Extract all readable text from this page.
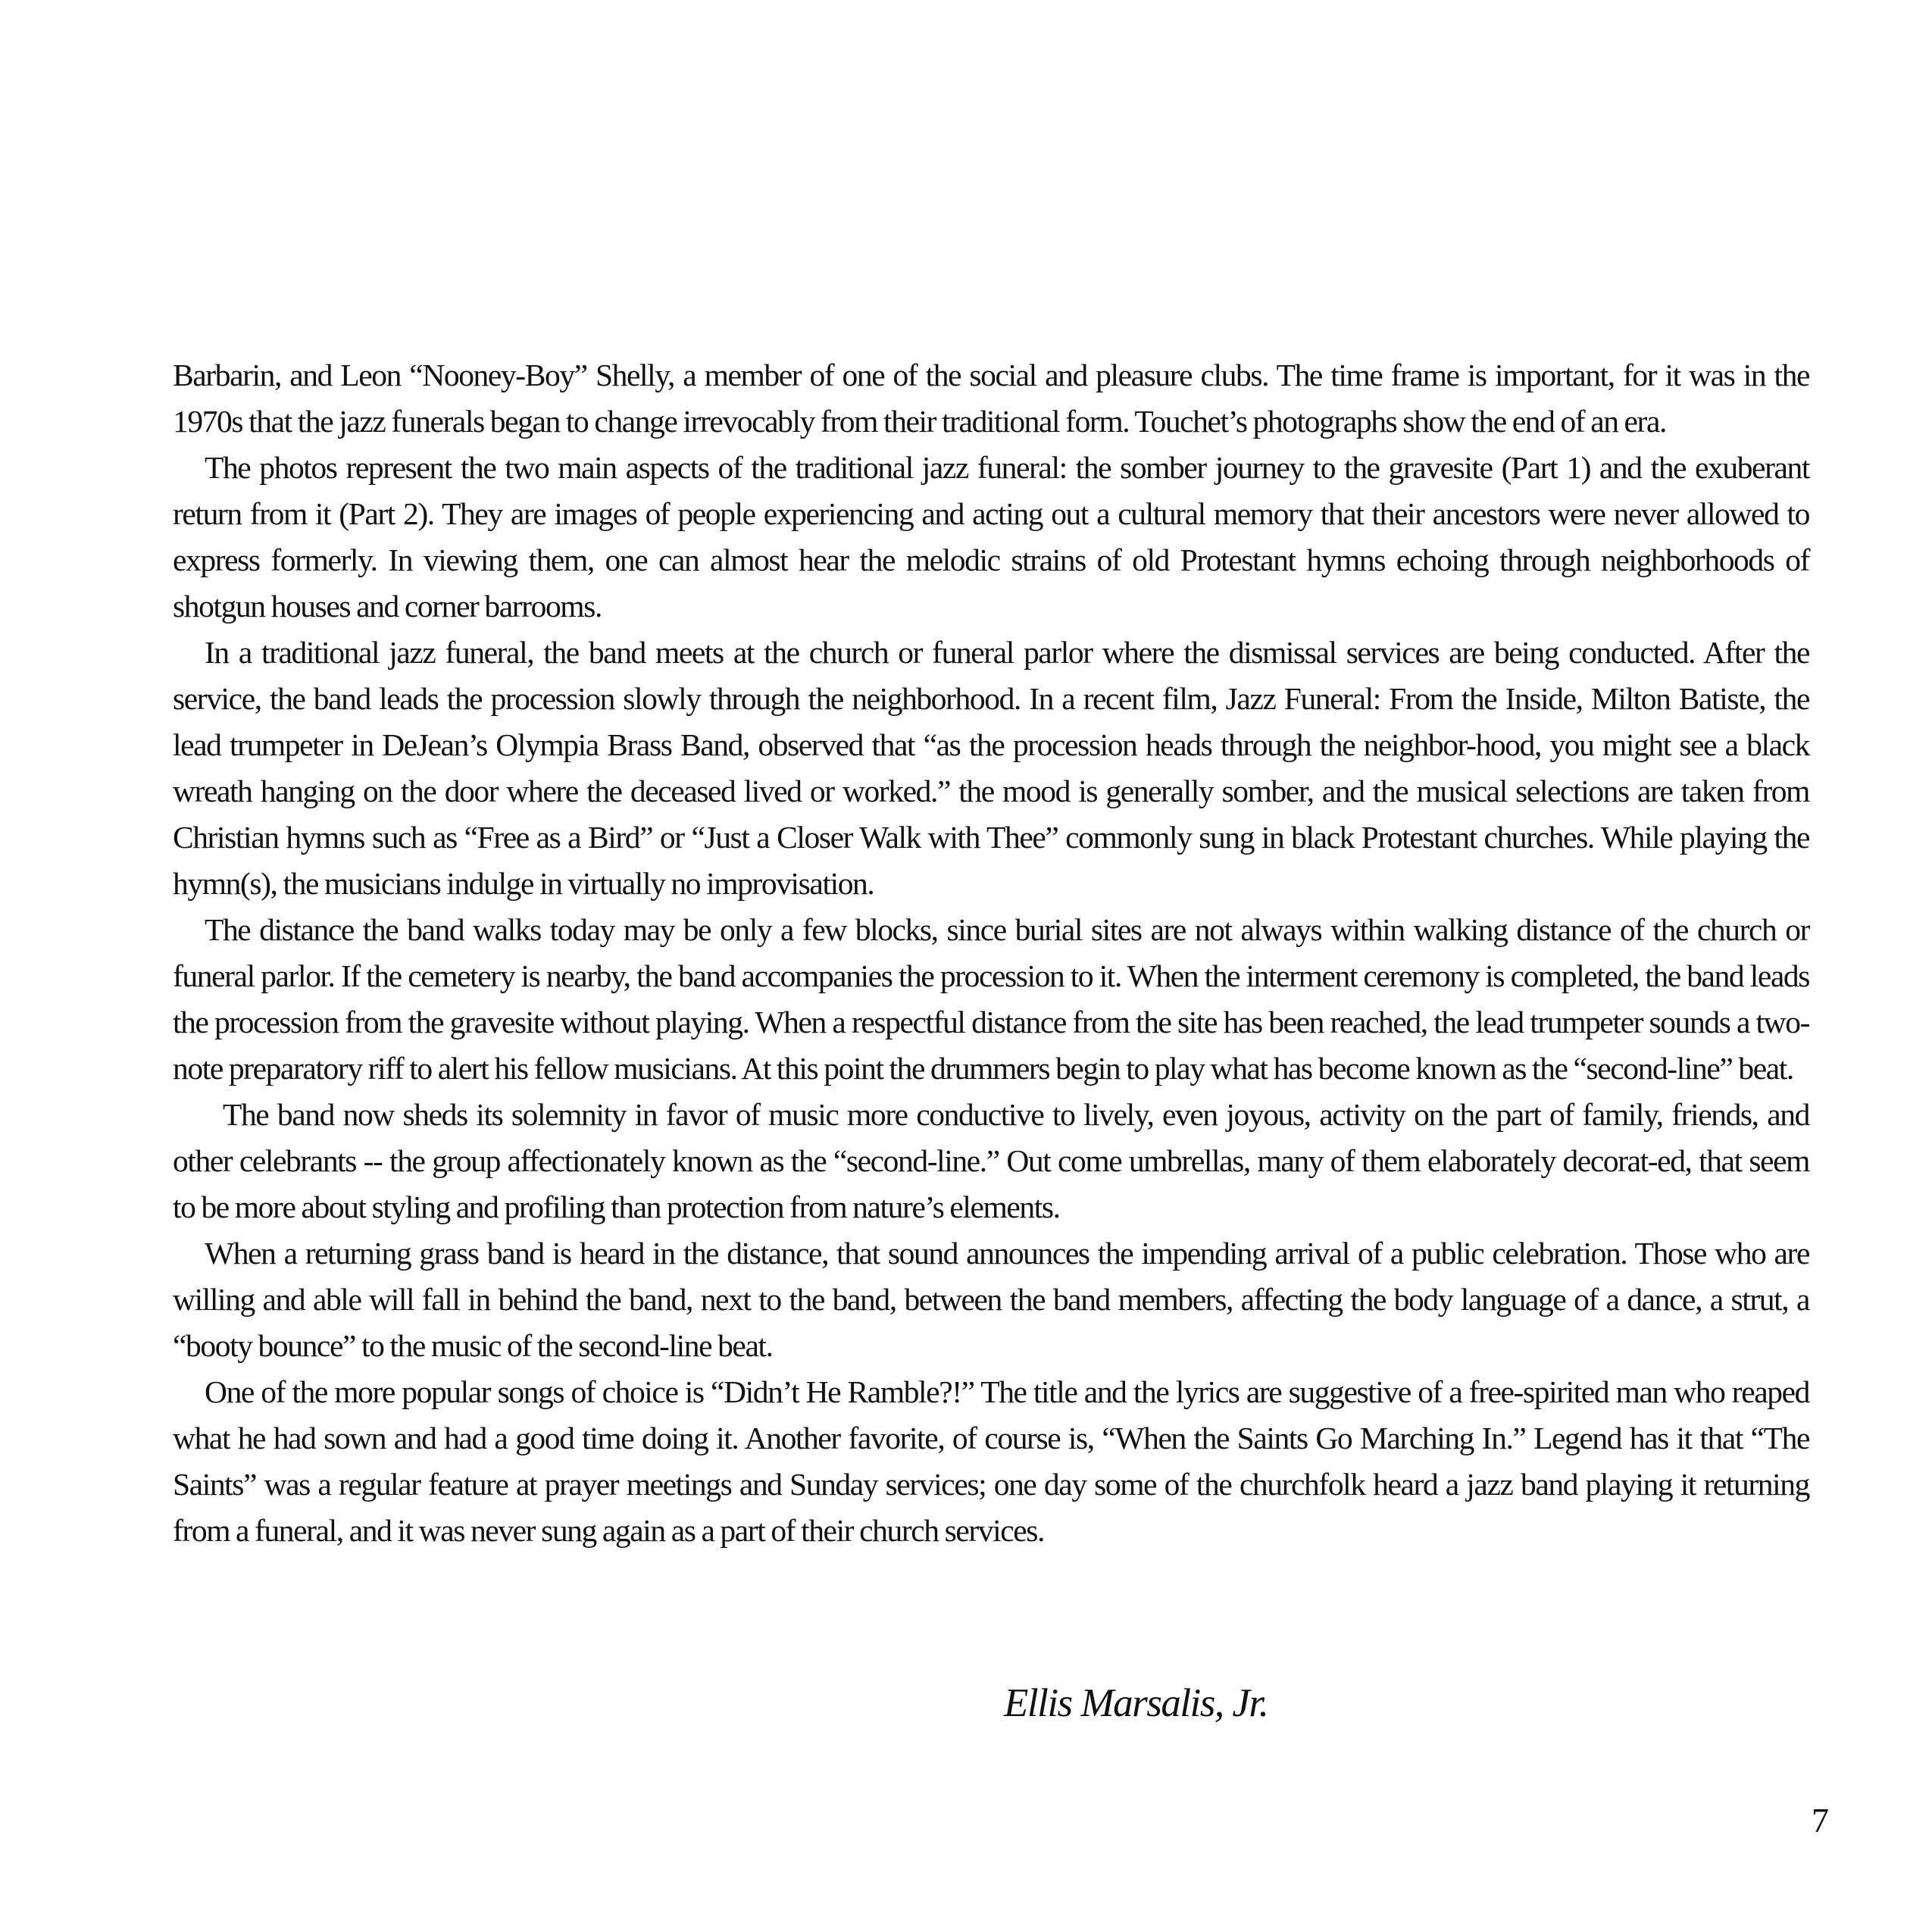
Barbarin, and Leon “Nooney-Boy” Shelly, a member of one of the social and pleasure clubs. The time frame is important, for it was in the 1970s that the jazz funerals began to change irrevocably from their traditional form. Touchet’s photographs show the end of an era.

The photos represent the two main aspects of the traditional jazz funeral: the somber journey to the gravesite (Part 1) and the exuberant return from it (Part 2). They are images of people experiencing and acting out a cultural memory that their ancestors were never allowed to express formerly. In viewing them, one can almost hear the melodic strains of old Protestant hymns echoing through neighborhoods of shotgun houses and corner barrooms.

In a traditional jazz funeral, the band meets at the church or funeral parlor where the dismissal services are being conducted. After the service, the band leads the procession slowly through the neighborhood. In a recent film, Jazz Funeral: From the Inside, Milton Batiste, the lead trumpeter in DeJean’s Olympia Brass Band, observed that “as the procession heads through the neighbor-hood, you might see a black wreath hanging on the door where the deceased lived or worked.” the mood is generally somber, and the musical selections are taken from Christian hymns such as “Free as a Bird” or “Just a Closer Walk with Thee” commonly sung in black Protestant churches. While playing the hymn(s), the musicians indulge in virtually no improvisation.

The distance the band walks today may be only a few blocks, since burial sites are not always within walking distance of the church or funeral parlor. If the cemetery is nearby, the band accompanies the procession to it. When the interment ceremony is completed, the band leads the procession from the gravesite without playing. When a respectful distance from the site has been reached, the lead trumpeter sounds a two-note preparatory riff to alert his fellow musicians. At this point the drummers begin to play what has become known as the “second-line” beat.

The band now sheds its solemnity in favor of music more conductive to lively, even joyous, activity on the part of family, friends, and other celebrants -- the group affectionately known as the “second-line.” Out come umbrellas, many of them elaborately decorat-ed, that seem to be more about styling and profiling than protection from nature’s elements.

When a returning grass band is heard in the distance, that sound announces the impending arrival of a public celebration. Those who are willing and able will fall in behind the band, next to the band, between the band members, affecting the body language of a dance, a strut, a “booty bounce” to the music of the second-line beat.

One of the more popular songs of choice is “Didn’t He Ramble?!” The title and the lyrics are suggestive of a free-spirited man who reaped what he had sown and had a good time doing it. Another favorite, of course is, “When the Saints Go Marching In.” Legend has it that “The Saints” was a regular feature at prayer meetings and Sunday services; one day some of the churchfolk heard a jazz band playing it returning from a funeral, and it was never sung again as a part of their church services.

Ellis Marsalis, Jr.
7
